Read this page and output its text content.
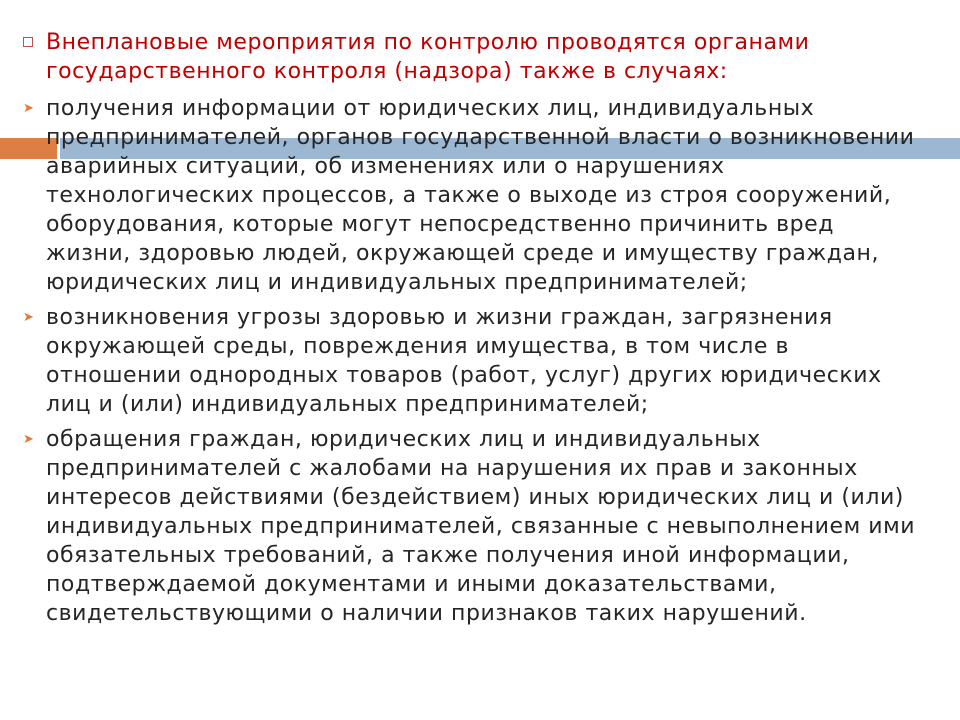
Внеплановые мероприятия по контролю проводятся органами государственного контроля (надзора) также в случаях:
➤ получения информации от юридических лиц, индивидуальных предпринимателей, органов государственной власти о возникновении аварийных ситуаций, об изменениях или о нарушениях технологических процессов, а также о выходе из строя сооружений, оборудования, которые могут непосредственно причинить вред жизни, здоровью людей, окружающей среде и имуществу граждан, юридических лиц и индивидуальных предпринимателей;
➤ возникновения угрозы здоровью и жизни граждан, загрязнения окружающей среды, повреждения имущества, в том числе в отношении однородных товаров (работ, услуг) других юридических лиц и (или) индивидуальных предпринимателей;
➤ обращения граждан, юридических лиц и индивидуальных предпринимателей с жалобами на нарушения их прав и законных интересов действиями (бездействием) иных юридических лиц и (или) индивидуальных предпринимателей, связанные с невыполнением ими обязательных требований, а также получения иной информации, подтверждаемой документами и иными доказательствами, свидетельствующими о наличии признаков таких нарушений.
